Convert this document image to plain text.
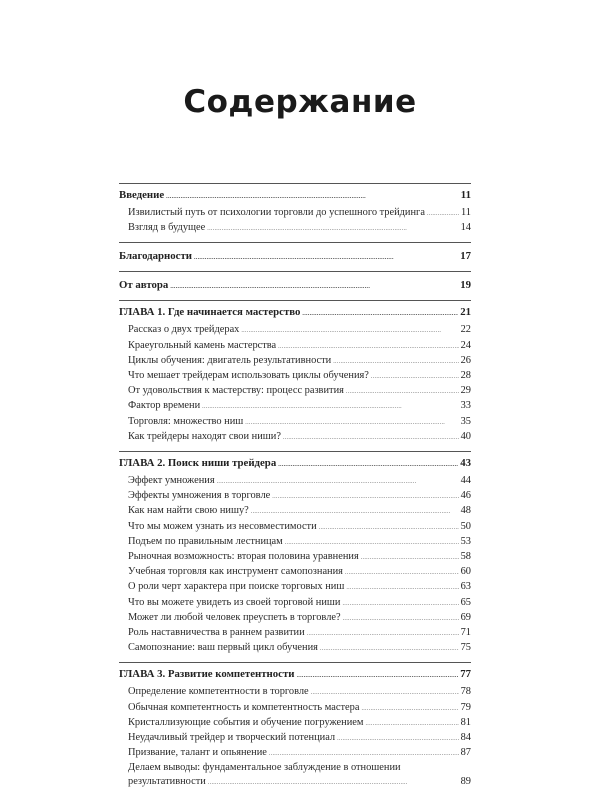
Содержание
Введение . . .	11
Извилистый путь от психологии торговли до успешного трейдинга . . .	11
Взгляд в будущее . . .	14
Благодарности . . .	17
От автора . . .	19
ГЛАВА 1. Где начинается мастерство . . .	21
Рассказ о двух трейдерах . . .	22
Краеугольный камень мастерства . . .	24
Циклы обучения: двигатель результативности . . .	26
Что мешает трейдерам использовать циклы обучения? . . .	28
От удовольствия к мастерству: процесс развития . . .	29
Фактор времени . . .	33
Торговля: множество ниш . . .	35
Как трейдеры находят свои ниши? . . .	40
ГЛАВА 2. Поиск ниши трейдера . . .	43
Эффект умножения . . .	44
Эффекты умножения в торговле . . .	46
Как нам найти свою нишу? . . .	48
Что мы можем узнать из несовместимости . . .	50
Подъем по правильным лестницам . . .	53
Рыночная возможность: вторая половина уравнения . . .	58
Учебная торговля как инструмент самопознания . . .	60
О роли черт характера при поиске торговых ниш . . .	63
Что вы можете увидеть из своей торговой ниши . . .	65
Может ли любой человек преуспеть в торговле? . . .	69
Роль наставничества в раннем развитии . . .	71
Самопознание: ваш первый цикл обучения . . .	75
ГЛАВА 3. Развитие компетентности . . .	77
Определение компетентности в торговле . . .	78
Обычная компетентность и компетентность мастера . . .	79
Кристаллизующие события и обучение погружением . . .	81
Неудачливый трейдер и творческий потенциал . . .	84
Призвание, талант и опьянение . . .	87
Делаем выводы: фундаментальное заблуждение в отношении
результативности . . .	89
